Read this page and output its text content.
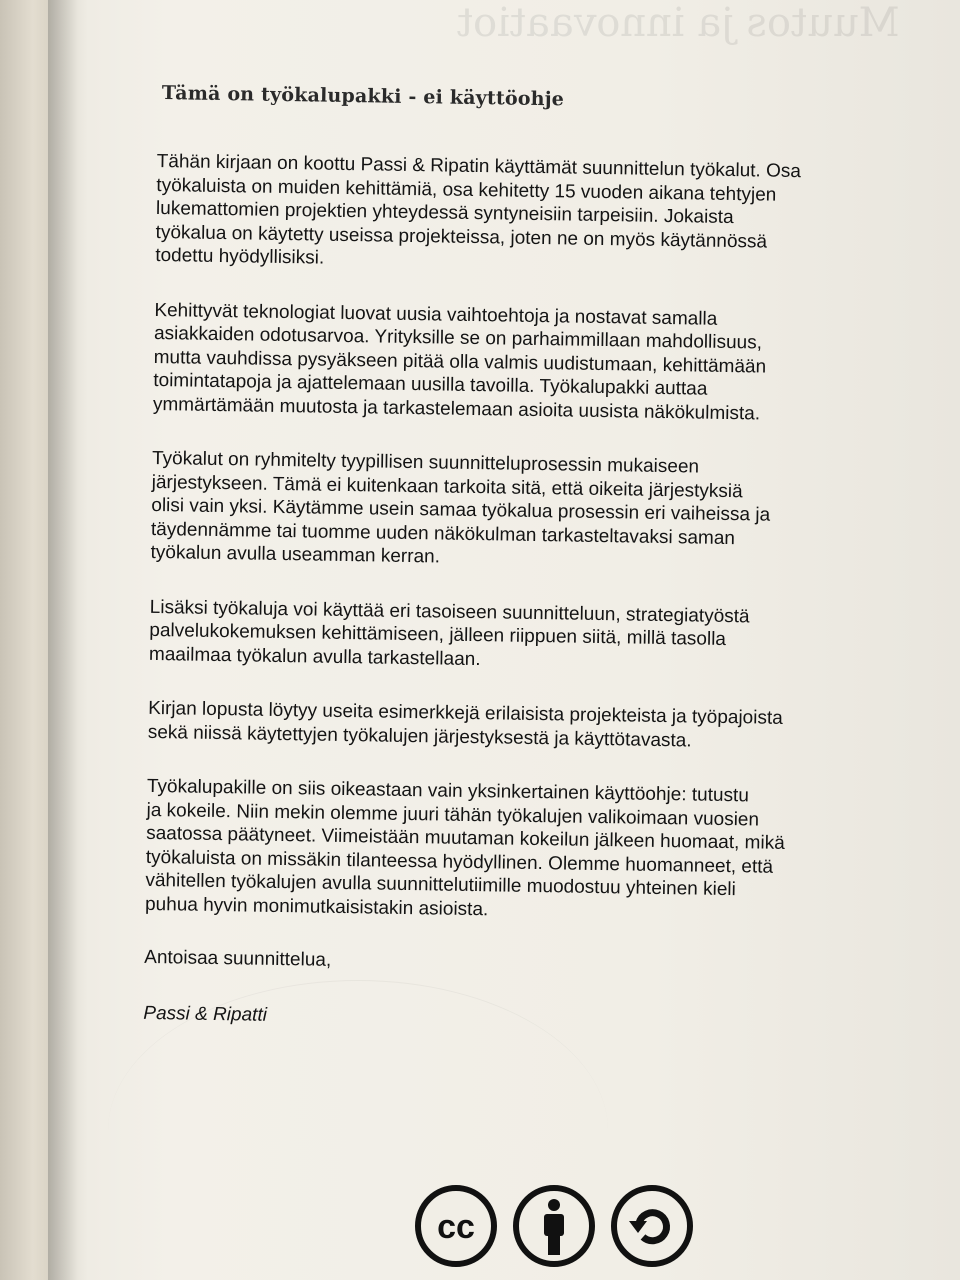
Muutos ja innovaatiot
Tämä on työkalupakki - ei käyttöohje

Tähän kirjaan on koottu Passi & Ripatin käyttämät suunnittelun työkalut. Osa
työkaluista on muiden kehittämiä, osa kehitetty 15 vuoden aikana tehtyjen
lukemattomien projektien yhteydessä syntyneisiin tarpeisiin. Jokaista
työkalua on käytetty useissa projekteissa, joten ne on myös käytännössä
todettu hyödyllisiksi.

Kehittyvät teknologiat luovat uusia vaihtoehtoja ja nostavat samalla
asiakkaiden odotusarvoa. Yrityksille se on parhaimmillaan mahdollisuus,
mutta vauhdissa pysyäkseen pitää olla valmis uudistumaan, kehittämään
toimintatapoja ja ajattelemaan uusilla tavoilla. Työkalupakki auttaa
ymmärtämään muutosta ja tarkastelemaan asioita uusista näkökulmista.

Työkalut on ryhmitelty tyypillisen suunnitteluprosessin mukaiseen
järjestykseen. Tämä ei kuitenkaan tarkoita sitä, että oikeita järjestyksiä
olisi vain yksi. Käytämme usein samaa työkalua prosessin eri vaiheissa ja
täydennämme tai tuomme uuden näkökulman tarkasteltavaksi saman
työkalun avulla useamman kerran.

Lisäksi työkaluja voi käyttää eri tasoiseen suunnitteluun, strategiatyöstä
palvelukokemuksen kehittämiseen, jälleen riippuen siitä, millä tasolla
maailmaa työkalun avulla tarkastellaan.

Kirjan lopusta löytyy useita esimerkkejä erilaisista projekteista ja työpajoista
sekä niissä käytettyjen työkalujen järjestyksestä ja käyttötavasta.

Työkalupakille on siis oikeastaan vain yksinkertainen käyttöohje: tutustu
ja kokeile. Niin mekin olemme juuri tähän työkalujen valikoimaan vuosien
saatossa päätyneet. Viimeistään muutaman kokeilun jälkeen huomaat, mikä
työkaluista on missäkin tilanteessa hyödyllinen. Olemme huomanneet, että
vähitellen työkalujen avulla suunnittelutiimille muodostuu yhteinen kieli
puhua hyvin monimutkaisistakin asioista.

Antoisaa suunnittelua,

Passi & Ripatti

cc
